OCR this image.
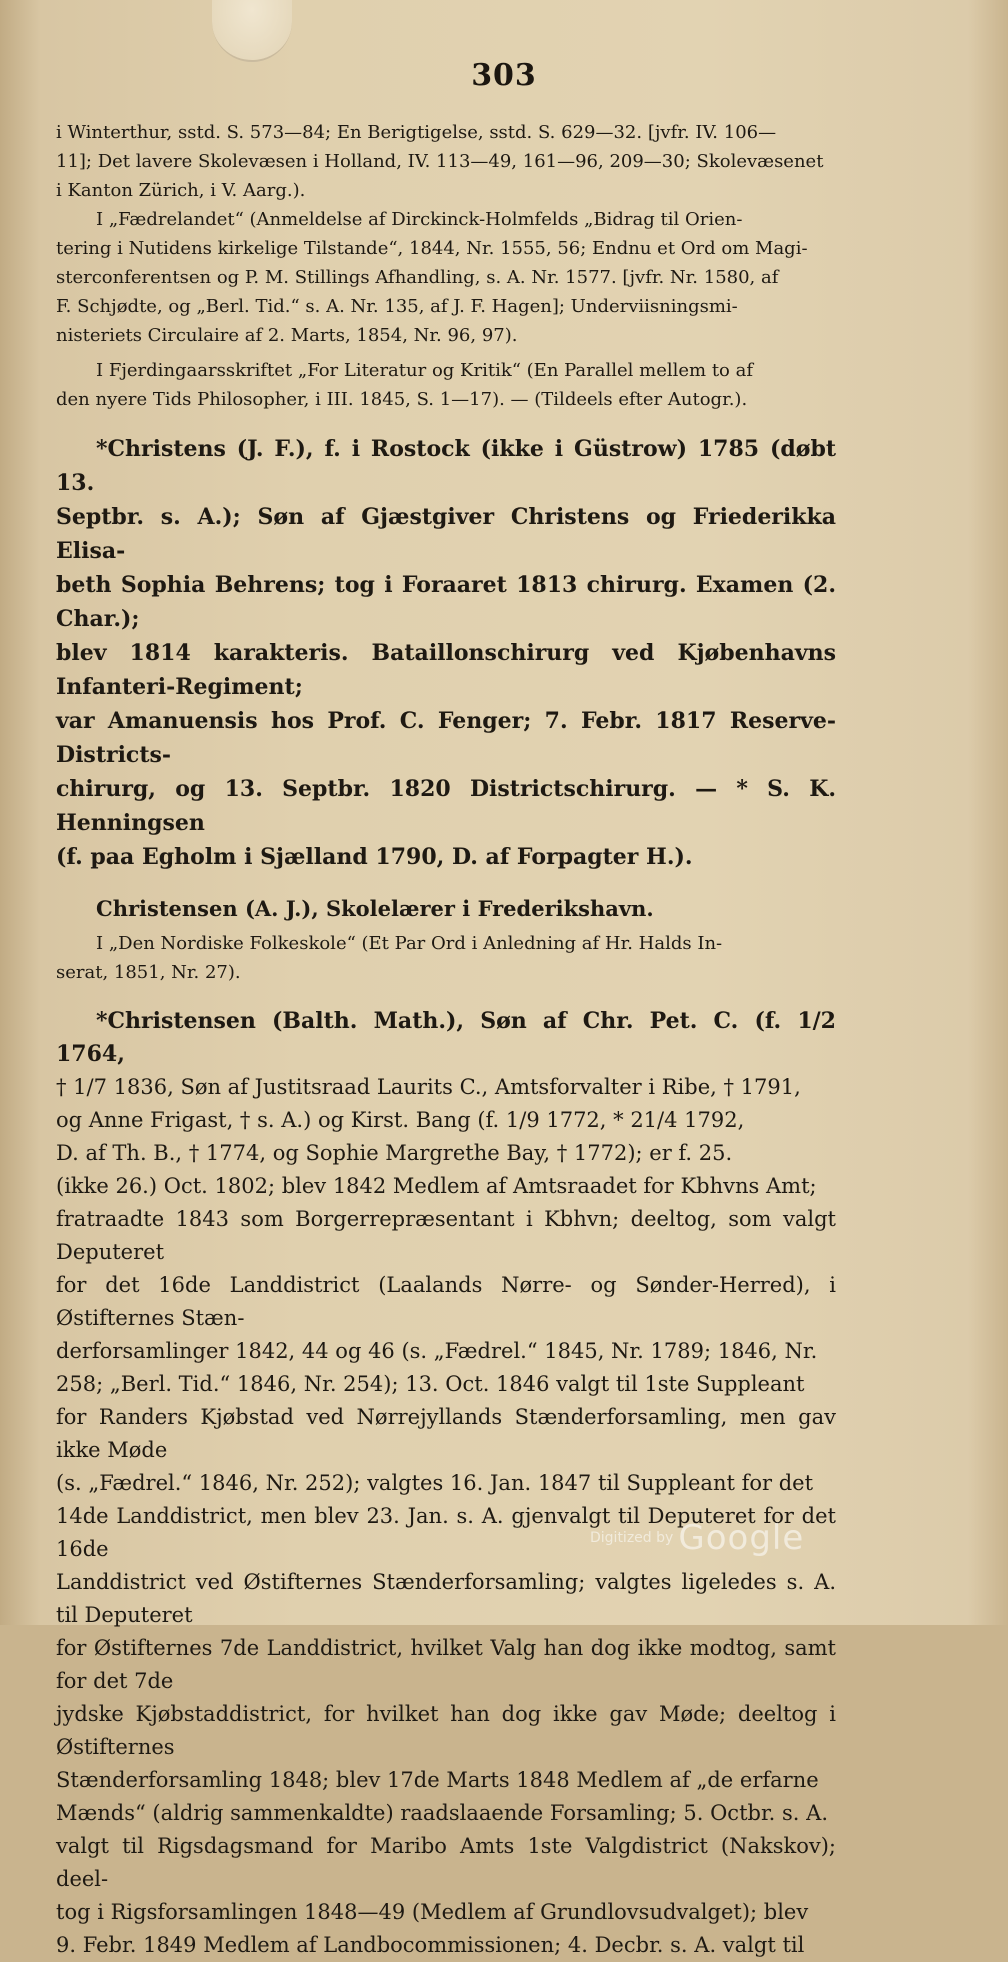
303

i Winterthur, sstd. S. 573—84; En Berigtigelse, sstd. S. 629—32. [jvfr. IV. 106—

11]; Det lavere Skolevæsen i Holland, IV. 113—49, 161—96, 209—30; Skolevæsenet

i Kanton Zürich, i V. Aarg.).

I „Fædrelandet“ (Anmeldelse af Dirckinck-Holmfelds „Bidrag til Orien-

tering i Nutidens kirkelige Tilstande“, 1844, Nr. 1555, 56; Endnu et Ord om Magi-

sterconferentsen og P. M. Stillings Afhandling, s. A. Nr. 1577. [jvfr. Nr. 1580, af

F. Schjødte, og „Berl. Tid.“ s. A. Nr. 135, af J. F. Hagen]; Underviisningsmi-

nisteriets Circulaire af 2. Marts, 1854, Nr. 96, 97).

I Fjerdingaarsskriftet „For Literatur og Kritik“ (En Parallel mellem to af

den nyere Tids Philosopher, i III. 1845, S. 1—17). — (Tildeels efter Autogr.).

*Christens (J. F.), f. i Rostock (ikke i Güstrow) 1785 (døbt 13.

Septbr. s. A.); Søn af Gjæstgiver Christens og Friederikka Elisa-

beth Sophia Behrens; tog i Foraaret 1813 chirurg. Examen (2. Char.);

blev 1814 karakteris. Bataillonschirurg ved Kjøbenhavns Infanteri-Regiment;

var Amanuensis hos Prof. C. Fenger; 7. Febr. 1817 Reserve-Districts-

chirurg, og 13. Septbr. 1820 Districtschirurg. — * S. K. Henningsen

(f. paa Egholm i Sjælland 1790, D. af Forpagter H.).

Christensen (A. J.), Skolelærer i Frederikshavn.

I „Den Nordiske Folkeskole“ (Et Par Ord i Anledning af Hr. Halds In-

serat, 1851, Nr. 27).

*Christensen (Balth. Math.), Søn af Chr. Pet. C. (f. 1/2 1764,

† 1/7 1836, Søn af Justitsraad Laurits C., Amtsforvalter i Ribe, † 1791,

og Anne Frigast, † s. A.) og Kirst. Bang (f. 1/9 1772, * 21/4 1792,

D. af Th. B., † 1774, og Sophie Margrethe Bay, † 1772); er f. 25.

(ikke 26.) Oct. 1802; blev 1842 Medlem af Amtsraadet for Kbhvns Amt;

fratraadte 1843 som Borgerrepræsentant i Kbhvn; deeltog, som valgt Deputeret

for det 16de Landdistrict (Laalands Nørre- og Sønder-Herred), i Østifternes Stæn-

derforsamlinger 1842, 44 og 46 (s. „Fædrel.“ 1845, Nr. 1789; 1846, Nr.

258; „Berl. Tid.“ 1846, Nr. 254); 13. Oct. 1846 valgt til 1ste Suppleant

for Randers Kjøbstad ved Nørrejyllands Stænderforsamling, men gav ikke Møde

(s. „Fædrel.“ 1846, Nr. 252); valgtes 16. Jan. 1847 til Suppleant for det

14de Landdistrict, men blev 23. Jan. s. A. gjenvalgt til Deputeret for det 16de

Landdistrict ved Østifternes Stænderforsamling; valgtes ligeledes s. A. til Deputeret

for Østifternes 7de Landdistrict, hvilket Valg han dog ikke modtog, samt for det 7de

jydske Kjøbstaddistrict, for hvilket han dog ikke gav Møde; deeltog i Østifternes

Stænderforsamling 1848; blev 17de Marts 1848 Medlem af „de erfarne

Mænds“ (aldrig sammenkaldte) raadslaaende Forsamling; 5. Octbr. s. A.

valgt til Rigsdagsmand for Maribo Amts 1ste Valgdistrict (Nakskov); deel-

tog i Rigsforsamlingen 1848—49 (Medlem af Grundlovsudvalget); blev

9. Febr. 1849 Medlem af Landbocommissionen; 4. Decbr. s. A. valgt til

Digitized by Google
